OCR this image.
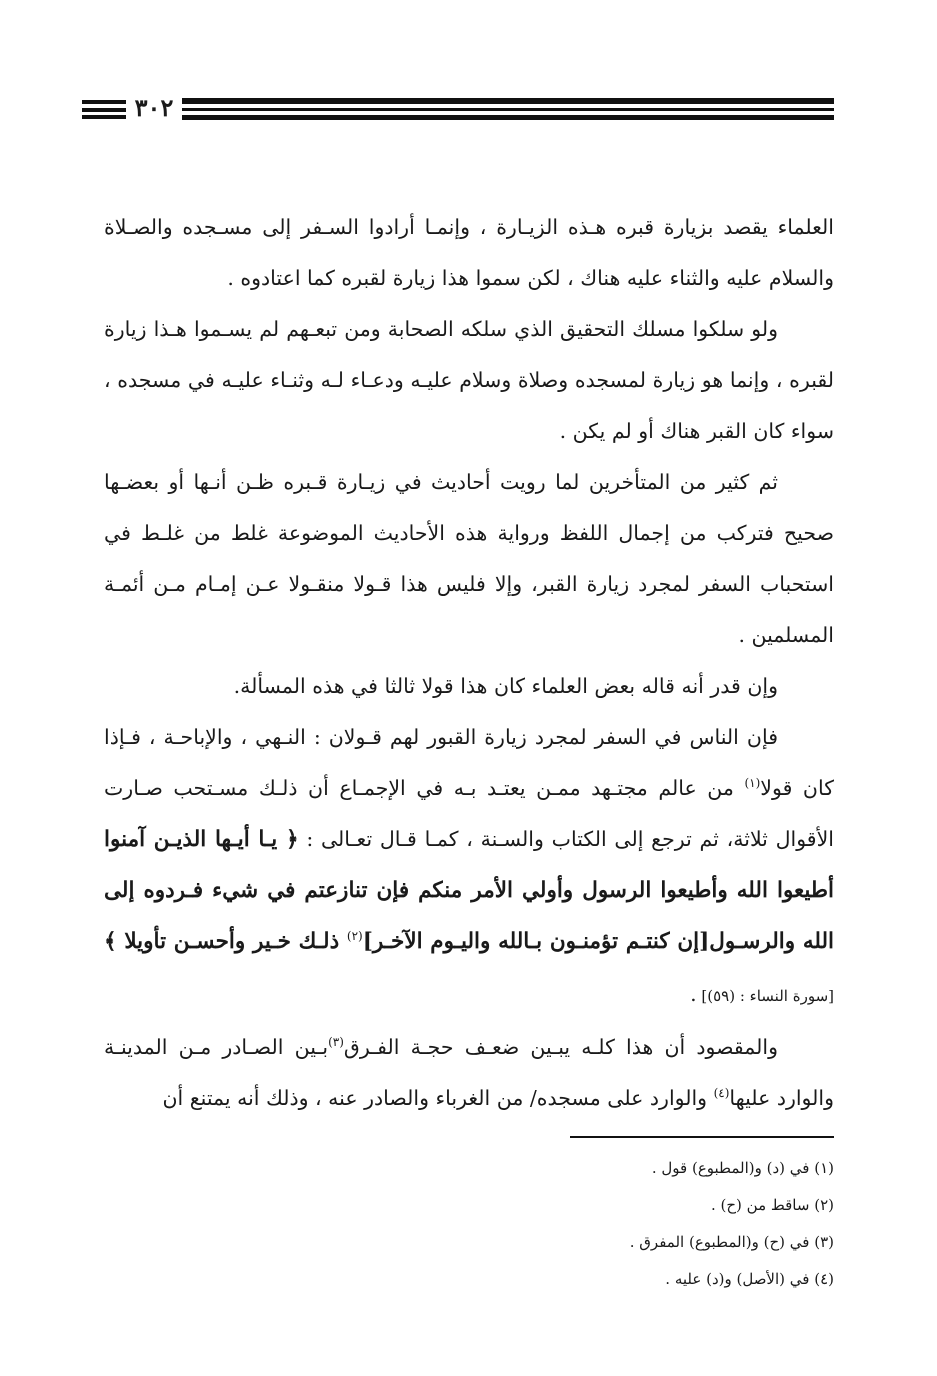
٣٠٢

العلماء يقصد بزيارة قبره هـذه الزيـارة ، وإنمـا أرادوا السـفر إلى مسـجده والصـلاة والسلام عليه والثناء عليه هناك ، لكن سموا هذا زيارة لقبره كما اعتادوه .

ولو سلكوا مسلك التحقيق الذي سلكه الصحابة ومن تبعـهم لم يسـموا هـذا زيارة لقبره ، وإنما هو زيارة لمسجده وصلاة وسلام عليـه ودعـاء لـه وثنـاء عليـه في مسجده ، سواء كان القبر هناك أو لم يكن .

ثم كثير من المتأخرين لما رويت أحاديث في زيـارة قـبره ظـن أنـها أو بعضـها صحيح فتركب من إجمال اللفظ ورواية هذه الأحاديث الموضوعة غلط من غلـط في استحباب السفر لمجرد زيارة القبر، وإلا فليس هذا قـولا منقـولا عـن إمـام مـن أئمـة المسلمين .

وإن قدر أنه قاله بعض العلماء كان هذا قولا ثالثا في هذه المسألة.

فإن الناس في السفر لمجرد زيارة القبور لهم قـولان : النـهي ، والإباحـة ، فـإذا كان قولا$^{(١)}$ من عالم مجتـهد ممـن يعتـد بـه في الإجمـاع أن ذلـك مسـتحب صـارت الأقوال ثلاثة، ثم ترجع إلى الكتاب والسـنة ، كمـا قـال تعـالى : ﴿ يـا أيـها الذيـن آمنوا أطيعوا الله وأطيعوا الرسول وأولي الأمر منكم فإن تنازعتم في شيء فـردوه إلى الله والرسـول[إن كنتـم تؤمنـون بـالله واليـوم الآخـر]$^{(٢)}$ ذلـك خـير وأحسـن تأويلا ﴾ [سورة النساء : (٥٩)] .

والمقصود أن هذا كلـه يبـين ضعـف حجـة الفـرق$^{(٣)}$بـين الصـادر مـن المدينـة والوارد عليها$^{(٤)}$ والوارد على مسجده/ من الغرباء والصادر عنه ، وذلك أنه يمتنع أن

(١) في (د) و(المطبوع) قول .

(٢) ساقط من (ح) .

(٣) في (ح) و(المطبوع) المفرق .

(٤) في (الأصل) و(د) عليه .
